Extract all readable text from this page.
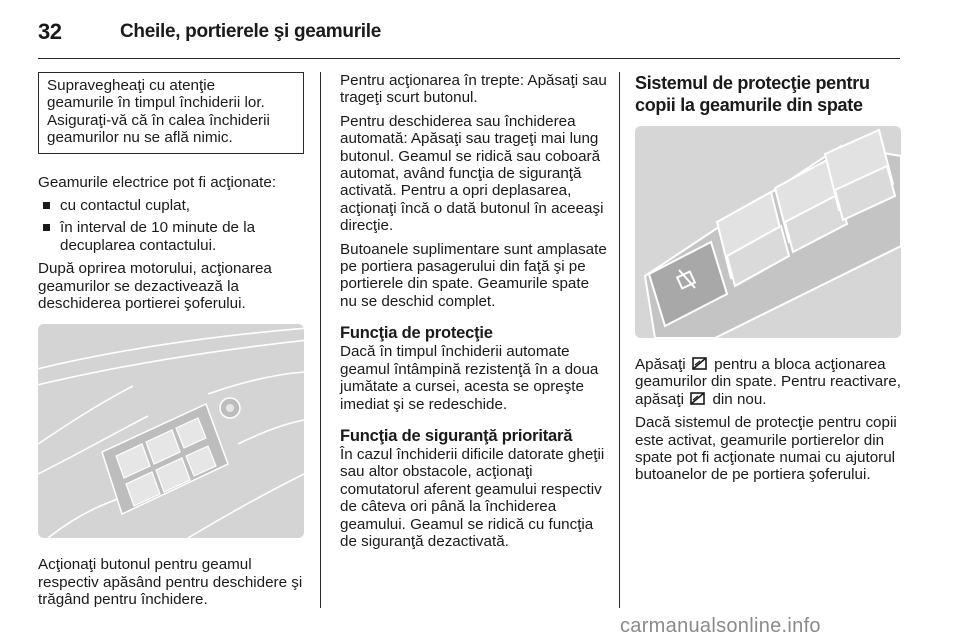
32	Cheile, portierele şi geamurile

Supravegheaţi cu atenţie

geamurile în timpul închiderii lor.

Asiguraţi-vă că în calea închiderii

geamurilor nu se află nimic.

Geamurile electrice pot fi acţionate:

cu contactul cuplat,
în interval de 10 minute de la decuplarea contactului.

După oprirea motorului, acţionarea geamurilor se dezactivează la deschiderea portierei şoferului.

Acţionaţi butonul pentru geamul respectiv apăsând pentru deschidere şi trăgând pentru închidere.

Pentru acţionarea în trepte: Apăsaţi sau trageţi scurt butonul.

Pentru deschiderea sau închiderea automată: Apăsaţi sau trageţi mai lung butonul. Geamul se ridică sau coboară automat, având funcţia de siguranţă activată. Pentru a opri deplasarea, acţionaţi încă o dată butonul în aceeaşi direcţie.

Butoanele suplimentare sunt amplasate pe portiera pasagerului din faţă şi pe portierele din spate. Geamurile spate nu se deschid complet.

Funcţia de protecţie

Dacă în timpul închiderii automate geamul întâmpină rezistenţă în a doua jumătate a cursei, acesta se opreşte imediat şi se redeschide.

Funcţia de siguranţă prioritară

În cazul închiderii dificile datorate gheţii sau altor obstacole, acţionaţi comutatorul aferent geamului respectiv de câteva ori până la închiderea geamului. Geamul se ridică cu funcţia de siguranţă dezactivată.

Sistemul de protecţie pentru copii la geamurile din spate

Apăsaţi pentru a bloca acţionarea geamurilor din spate. Pentru reactivare, apăsaţi din nou.

Dacă sistemul de protecţie pentru copii este activat, geamurile portierelor din spate pot fi acţionate numai cu ajutorul butoanelor de pe portiera şoferului.

carmanualsonline.info
